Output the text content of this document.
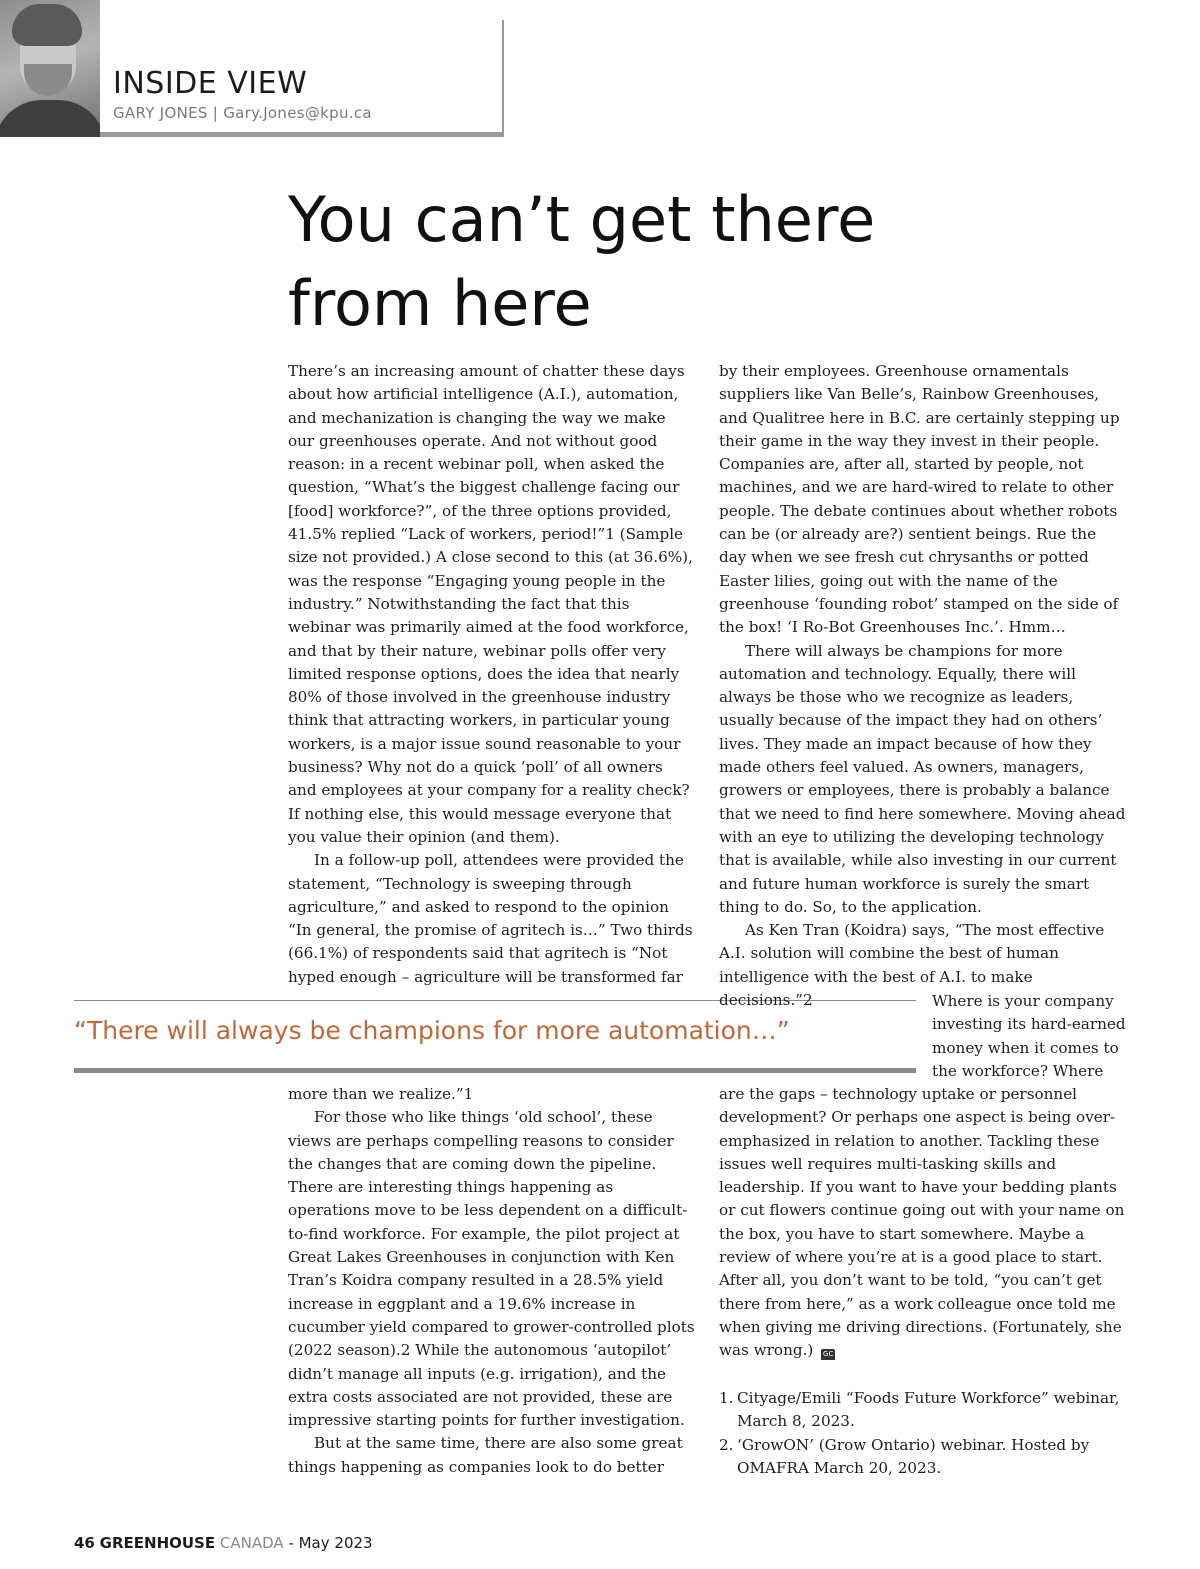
INSIDE VIEW
GARY JONES | Gary.Jones@kpu.ca
You can’t get there from here

There’s an increasing amount of chatter these days about how artificial intelligence (A.I.), automation, and mechanization is changing the way we make our greenhouses operate. And not without good reason: in a recent webinar poll, when asked the question, “What’s the biggest challenge facing our [food] workforce?”, of the three options provided, 41.5% replied “Lack of workers, period!”1 (Sample size not provided.) A close second to this (at 36.6%), was the response “Engaging young people in the industry.” Notwithstanding the fact that this webinar was primarily aimed at the food workforce, and that by their nature, webinar polls offer very limited response options, does the idea that nearly 80% of those involved in the greenhouse industry think that attracting workers, in particular young workers, is a major issue sound reasonable to your business? Why not do a quick ‘poll’ of all owners and employees at your company for a reality check? If nothing else, this would message everyone that you value their opinion (and them).

In a follow-up poll, attendees were provided the statement, “Technology is sweeping through agriculture,” and asked to respond to the opinion “In general, the promise of agritech is…” Two thirds (66.1%) of respondents said that agritech is “Not hyped enough – agriculture will be transformed far

“There will always be champions for more automation…”

more than we realize.”1

For those who like things ‘old school’, these views are perhaps compelling reasons to consider the changes that are coming down the pipeline. There are interesting things happening as operations move to be less dependent on a difficult-to-find workforce. For example, the pilot project at Great Lakes Greenhouses in conjunction with Ken Tran’s Koidra company resulted in a 28.5% yield increase in eggplant and a 19.6% increase in cucumber yield compared to grower-controlled plots (2022 season).2 While the autonomous ‘autopilot’ didn’t manage all inputs (e.g. irrigation), and the extra costs associated are not provided, these are impressive starting points for further investigation.

But at the same time, there are also some great things happening as companies look to do better

by their employees. Greenhouse ornamentals suppliers like Van Belle’s, Rainbow Greenhouses, and Qualitree here in B.C. are certainly stepping up their game in the way they invest in their people. Companies are, after all, started by people, not machines, and we are hard-wired to relate to other people. The debate continues about whether robots can be (or already are?) sentient beings. Rue the day when we see fresh cut chrysanths or potted Easter lilies, going out with the name of the greenhouse ‘founding robot’ stamped on the side of the box! ‘I Ro-Bot Greenhouses Inc.’. Hmm…

There will always be champions for more automation and technology. Equally, there will always be those who we recognize as leaders, usually because of the impact they had on others’ lives. They made an impact because of how they made others feel valued. As owners, managers, growers or employees, there is probably a balance that we need to find here somewhere. Moving ahead with an eye to utilizing the developing technology that is available, while also investing in our current and future human workforce is surely the smart thing to do. So, to the application.

As Ken Tran (Koidra) says, “The most effective A.I. solution will combine the best of human intelligence with the best of A.I. to make decisions.”2	Where is your company investing its hard-earned money when it comes to the workforce? Where

are the gaps – technology uptake or personnel development? Or perhaps one aspect is being over-emphasized in relation to another. Tackling these issues well requires multi-tasking skills and leadership. If you want to have your bedding plants or cut flowers continue going out with your name on the box, you have to start somewhere. Maybe a review of where you’re at is a good place to start. After all, you don’t want to be told, “you can’t get there from here,” as a work colleague once told me when giving me driving directions. (Fortunately, she was wrong.) GC

1. Cityage/Emili “Foods Future Workforce” webinar, March 8, 2023.
2. ‘GrowON’ (Grow Ontario) webinar. Hosted by OMAFRA March 20, 2023.
46 GREENHOUSE CANADA - May 2023
